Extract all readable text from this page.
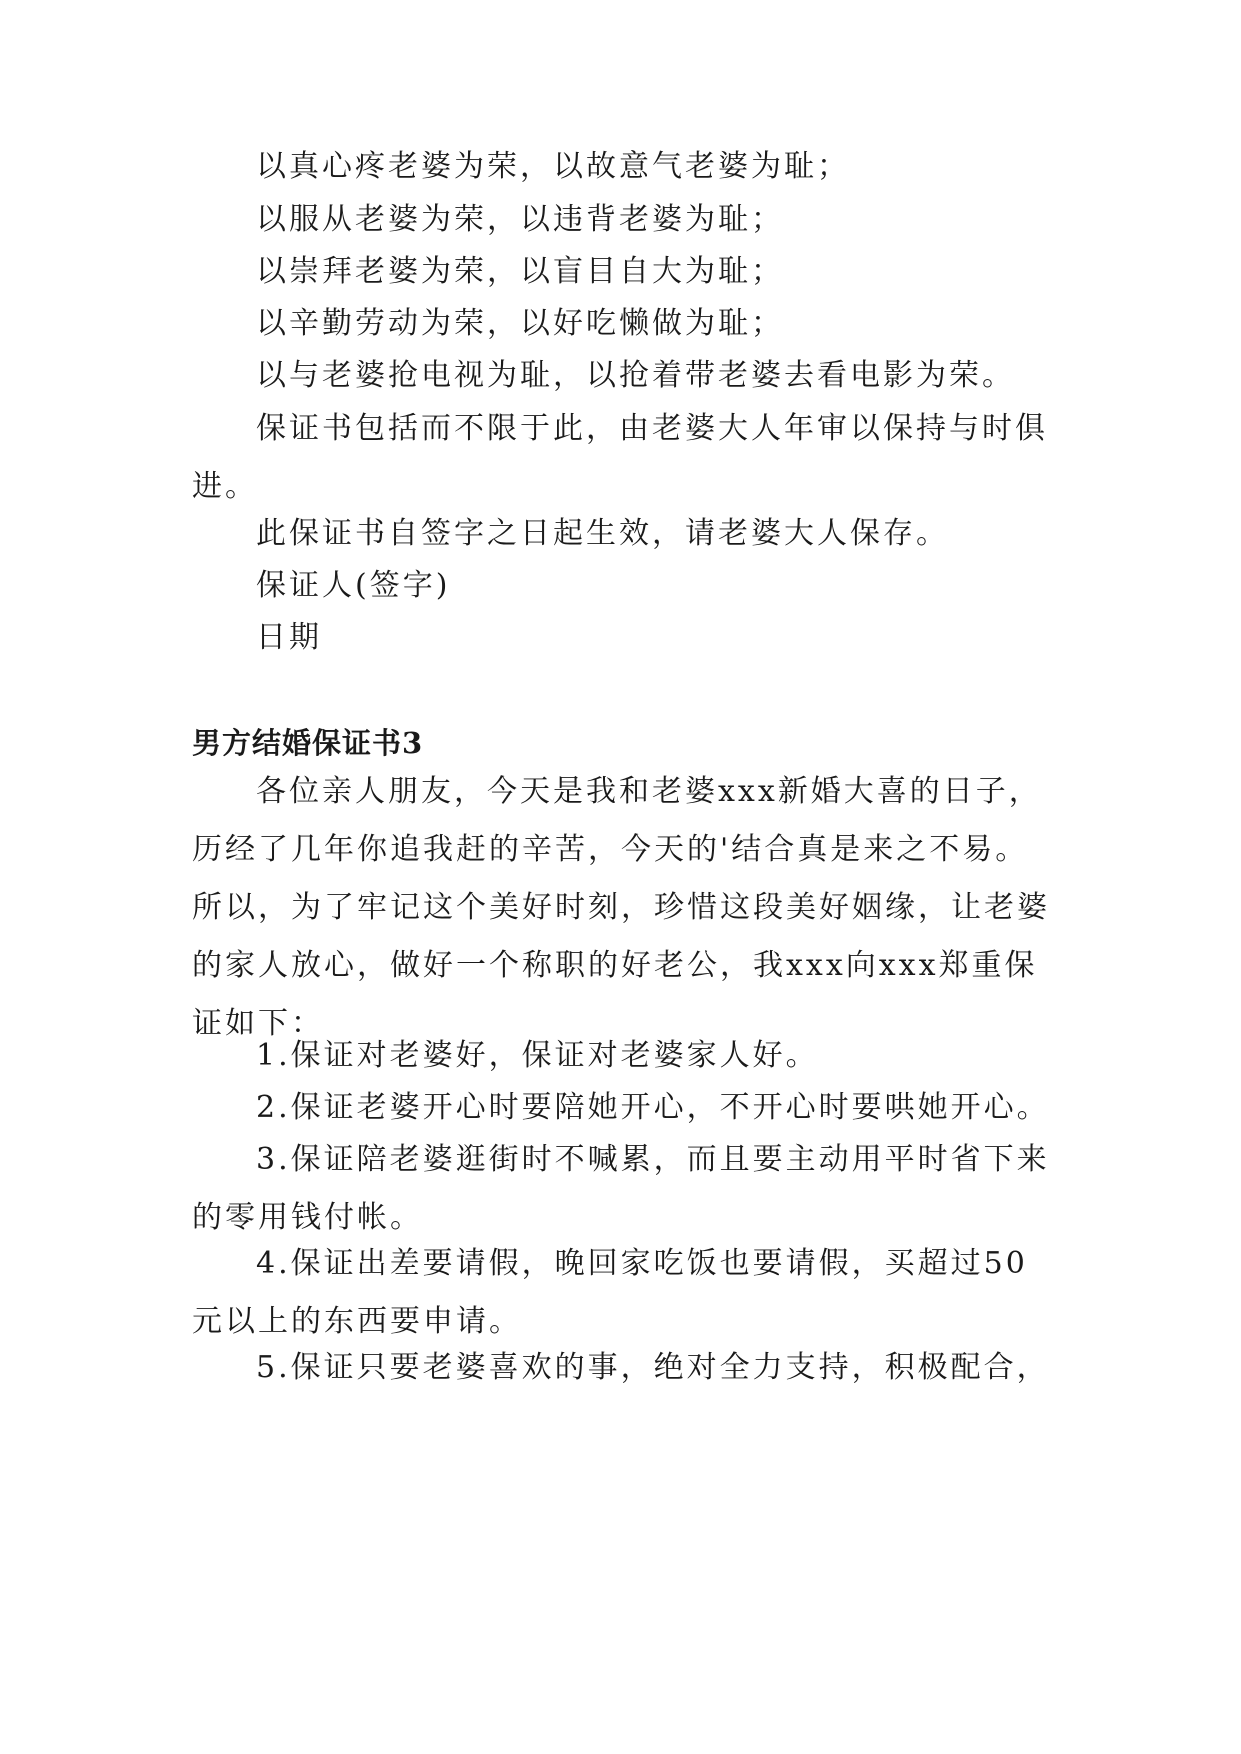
以真心疼老婆为荣，以故意气老婆为耻；

以服从老婆为荣，以违背老婆为耻；

以崇拜老婆为荣，以盲目自大为耻；

以辛勤劳动为荣，以好吃懒做为耻；

以与老婆抢电视为耻，以抢着带老婆去看电影为荣。

保证书包括而不限于此，由老婆大人年审以保持与时俱进。

此保证书自签字之日起生效，请老婆大人保存。

保证人(签字)

日期

男方结婚保证书3

各位亲人朋友，今天是我和老婆xxx新婚大喜的日子，历经了几年你追我赶的辛苦，今天的'结合真是来之不易。所以，为了牢记这个美好时刻，珍惜这段美好姻缘，让老婆的家人放心，做好一个称职的好老公，我xxx向xxx郑重保证如下：

1.保证对老婆好，保证对老婆家人好。

2.保证老婆开心时要陪她开心，不开心时要哄她开心。

3.保证陪老婆逛街时不喊累，而且要主动用平时省下来的零用钱付帐。

4.保证出差要请假，晚回家吃饭也要请假，买超过50元以上的东西要申请。

5.保证只要老婆喜欢的事，绝对全力支持，积极配合，
